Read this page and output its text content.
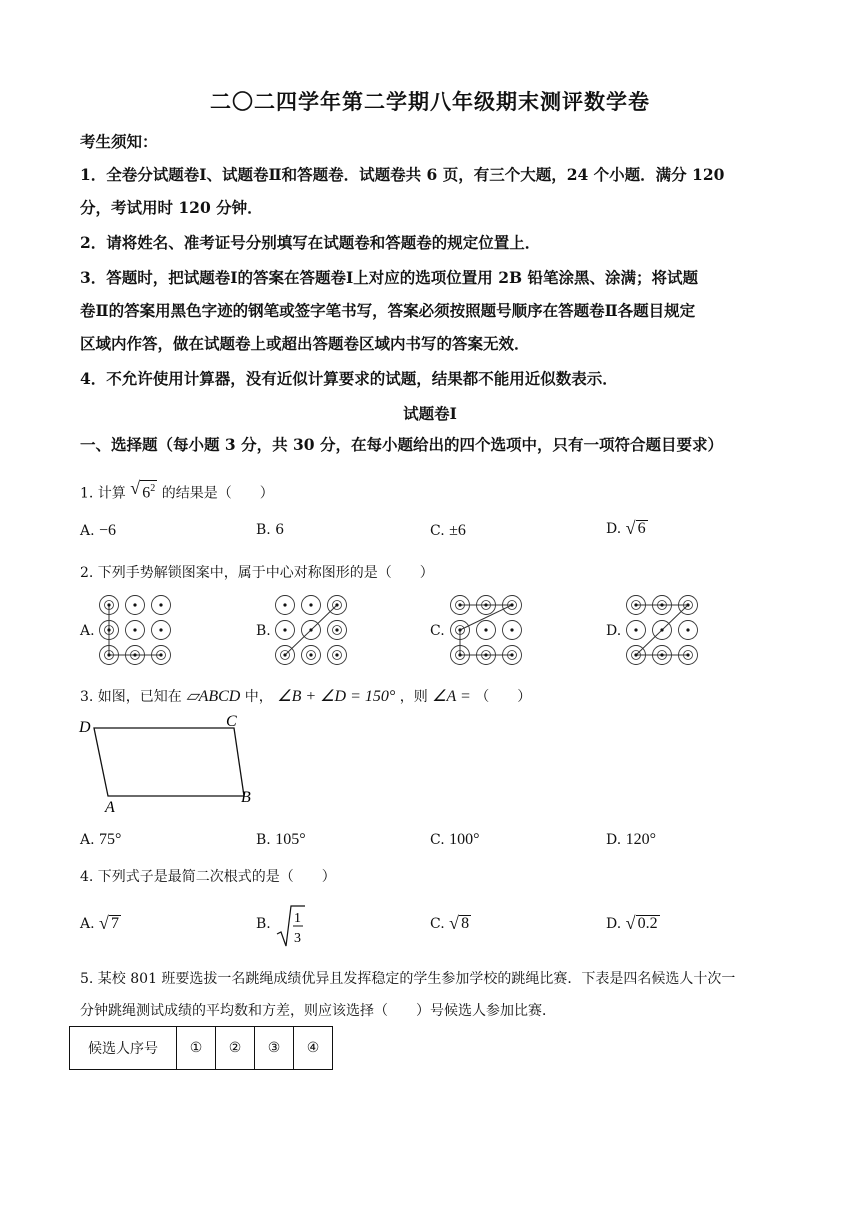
二〇二四学年第二学期八年级期末测评数学卷
考生须知：
1．全卷分试题卷Ⅰ、试题卷Ⅱ和答题卷．试题卷共 6 页，有三个大题，24 个小题．满分 120
分，考试用时 120 分钟．
2．请将姓名、准考证号分别填写在试题卷和答题卷的规定位置上．
3．答题时，把试题卷Ⅰ的答案在答题卷Ⅰ上对应的选项位置用 2B 铅笔涂黑、涂满；将试题
卷Ⅱ的答案用黑色字迹的钢笔或签字笔书写，答案必须按照题号顺序在答题卷Ⅱ各题目规定
区域内作答，做在试题卷上或超出答题卷区域内书写的答案无效．
4．不允许使用计算器，没有近似计算要求的试题，结果都不能用近似数表示．
试题卷Ⅰ
一、选择题（每小题 3 分，共 30 分，在每小题给出的四个选项中，只有一项符合题目要求）
1. 计算 √ $6^2$ 的结果是（　　）
A. −6	B. 6	C. ±6	D. √ 6
2. 下列手势解锁图案中，属于中心对称图形的是（　　）
A.	B.	C.	D.
3. 如图，已知在 ▱ABCD 中， ∠B + ∠D = 150° ，则 ∠A = （　　）
D	C
A
B
A. 75°	B. 105°	C. 100°	D. 120°
4. 下列式子是最简二次根式的是（　　）
A. √ 7	B. 1
3
C. √ 8	D. √ 0.2
5. 某校 801 班要选拔一名跳绳成绩优异且发挥稳定的学生参加学校的跳绳比赛．下表是四名候选人十次一
分钟跳绳测试成绩的平均数和方差，则应该选择（　　）号候选人参加比赛．
候选人序号	①	②	③	④
